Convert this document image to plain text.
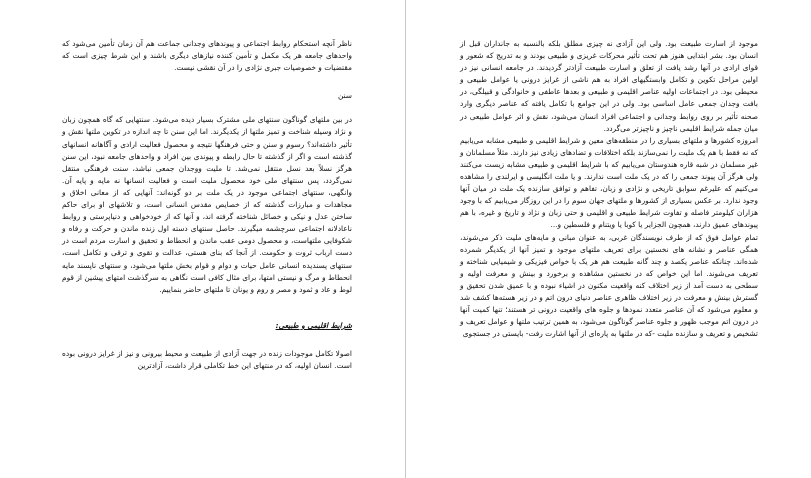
ناظر آنچه استحکام روابط اجتماعی و پیوندهای وجدانی جماعت هم آن زمان تأمین می‌شود که واحدهای جامعه هر یک مکمل و تأمین کننده نیازهای دیگری باشند و این شرط چیزی است که مقتضیات و خصوصیات جبری نژادی را در آن نقشی نیست.

سنن

در بین ملتهای گوناگون سنتهای ملی مشترک بسیار دیده می‌شود. سنتهایی که گاه همچون زبان و نژاد وسیله شناخت و تمیز ملتها از یکدیگرند. اما این سنن تا چه اندازه در تکوین ملتها نقش و تأثیر داشته‌اند؟ رسوم و سنن و حتی فرهنگها نتیجه و محصول فعالیت ارادی و آگاهانه انسانهای گذشته است و اگر از گذشته تا حال رابطه و پیوندی بین افراد و واحدهای جامعه نبود، این سنن هرگز نسلاً بعد نسل منتقل نمی‌شد. تا ملیت ووجدان جمعی نباشد، سنت فرهنگی منتقل نمی‌گردد، پس سنتهای ملی خود محصول ملیت است و فعالیت انسانها نه مایه و پایه آن. وانگهی، سنتهای اجتماعی موجود در یک ملت بر دو گونه‌اند: آنهایی که از معانی اخلاق و مجاهدات و مبارزات گذشته که از خصایص مقدس انسانی است، و تلاشهای او برای حاکم ساختن عدل و نیکی و خصائل شناخته گرفته اند، و آنها که از خودخواهی و دنیاپرستی و روابط ناعادلانه اجتماعی سرچشمه میگیرند. حاصل سنتهای دسته اول زنده ماندن و حرکت و رفاه و شکوفایی ملتهاست، و محصول دومی عقب ماندن و انحطاط و تحقیق و اسارت مردم است در دست ارباب ثروت و حکومت. از آنجا که بنای هستی، عدالت و تقوی و ترقی و تکامل است، سنتهای پسندیده انسانی عامل حیات و دوام و قوام بخش ملتها می‌شود، و سنتهای ناپسند مایه انحطاط و مرگ و نیستی امتها، برای مثال کافی است نگاهی به سرگذشت امتهای پیشین از قوم لوط و عاد و ثمود و مصر و روم و یونان تا ملتهای حاضر بنماییم.

شرایط اقلیمی و طبیعی:

اصولا تکامل موجودات زنده در جهت آزادی از طبیعت و محیط بیرونی و نیز از غرایز درونی بوده است. انسان اولیه، که در منتهای این خط تکاملی قرار داشت، آزادترین

موجود از اسارت طبیعت بود. ولی این آزادی نه چیزی مطلق بلکه بالنسبه به جانداران قبل از انسان بود. بشر ابتدایی هنوز هم تحت تأثیر محرکات غریزی و طبیعی بودند و به تدریج که شعور و قوای ارادی در آنها رشد یافت از تعلق و اسارت طبیعت آزادتر گردیدند. در جامعه انسانی نیز در اولین مراحل تکوین و تکامل وابستگیهای افراد به هم ناشی از غرایز درونی یا عوامل طبیعی و محیطی بود. در اجتماعات اولیه عناصر اقلیمی و طبیعی و بعدها عاطفی و خانوادگی و قبیلگی، در بافت وجدان جمعی عامل اساسی بود. ولی در این جوامع با تکامل یافته که عناصر دیگری وارد صحنه تأثیر بر روی روابط وجدانی و اجتماعی افراد انسان می‌شود، نقش و اثر عوامل طبیعی در میان جمله شرایط اقلیمی ناچیز و ناچیزتر می‌گردد.

امروزه کشورها و ملتهای بسیاری را در منطقه‌های معین و شرایط اقلیمی و طبیعی مشابه می‌یابیم که نه فقط با هم یک ملیت را نمی‌سازند بلکه اختلافات و تضادهای زیادی نیز دارند. مثلاً مسلمانان و غیر مسلمان در شبه قاره هندوستان می‌یابیم که با شرایط اقلیمی و طبیعی مشابه زیست می‌کنند ولی هرگز آن پیوند جمعی را که در یک ملت است ندارند. و یا ملت انگلیسی و ایرلندی را مشاهده می‌کنیم که علیرغم سوابق تاریخی و نژادی و زبان، تفاهم و توافق سازنده یک ملت در میان آنها وجود ندارد. بر عکس بسیاری از کشورها و ملتهای جهان سوم را در این روزگار می‌یابیم که با وجود هزاران کیلومتر فاصله و تفاوت شرایط طبیعی و اقلیمی و حتی زبان و نژاد و تاریخ و غیره، با هم پیوندهای عمیق دارند، همچون الجزایر یا کوبا یا ویتنام و فلسطین و...

تمام عوامل فوق که از طرف نویسندگان غربی، به عنوان مبانی و مایه‌های ملیت ذکر می‌شوند، همگی عناصر و نشانه های نخستین برای تعریف ملتهای موجود و تمیز آنها از یکدیگر شمرده شده‌اند. چنانکه عناصر یکصد و چند گانه طبیعت هم هر یک با خواص فیزیکی و شیمیایی شناخته و تعریف می‌شوند. اما این خواص که در نخستین مشاهده و برخورد و بینش و معرفت اولیه و سطحی به دست آمد از زیر اختلاف کنه واقعیت مکنون در اشیاء نبوده و با عمیق شدن تحقیق و گسترش بینش و معرفت در زیر اختلاف ظاهری عناصر دنیای درون اتم و در زیر هسته‌ها کشف شد و معلوم می‌شود که آن عناصر متعدد نمودها و جلوه های واقعیت درونی تر هستند؛ تنها کمیت آنها در درون اتم موجب ظهور و جلوه عناصر گوناگون می‌شود، به همین ترتیب ملتها و عوامل تعریف و تشخیص و تعریف و سازنده ملیت -که در ملتها به پاره‌ای از آنها اشارت رفت- بایستی در جستجوی
